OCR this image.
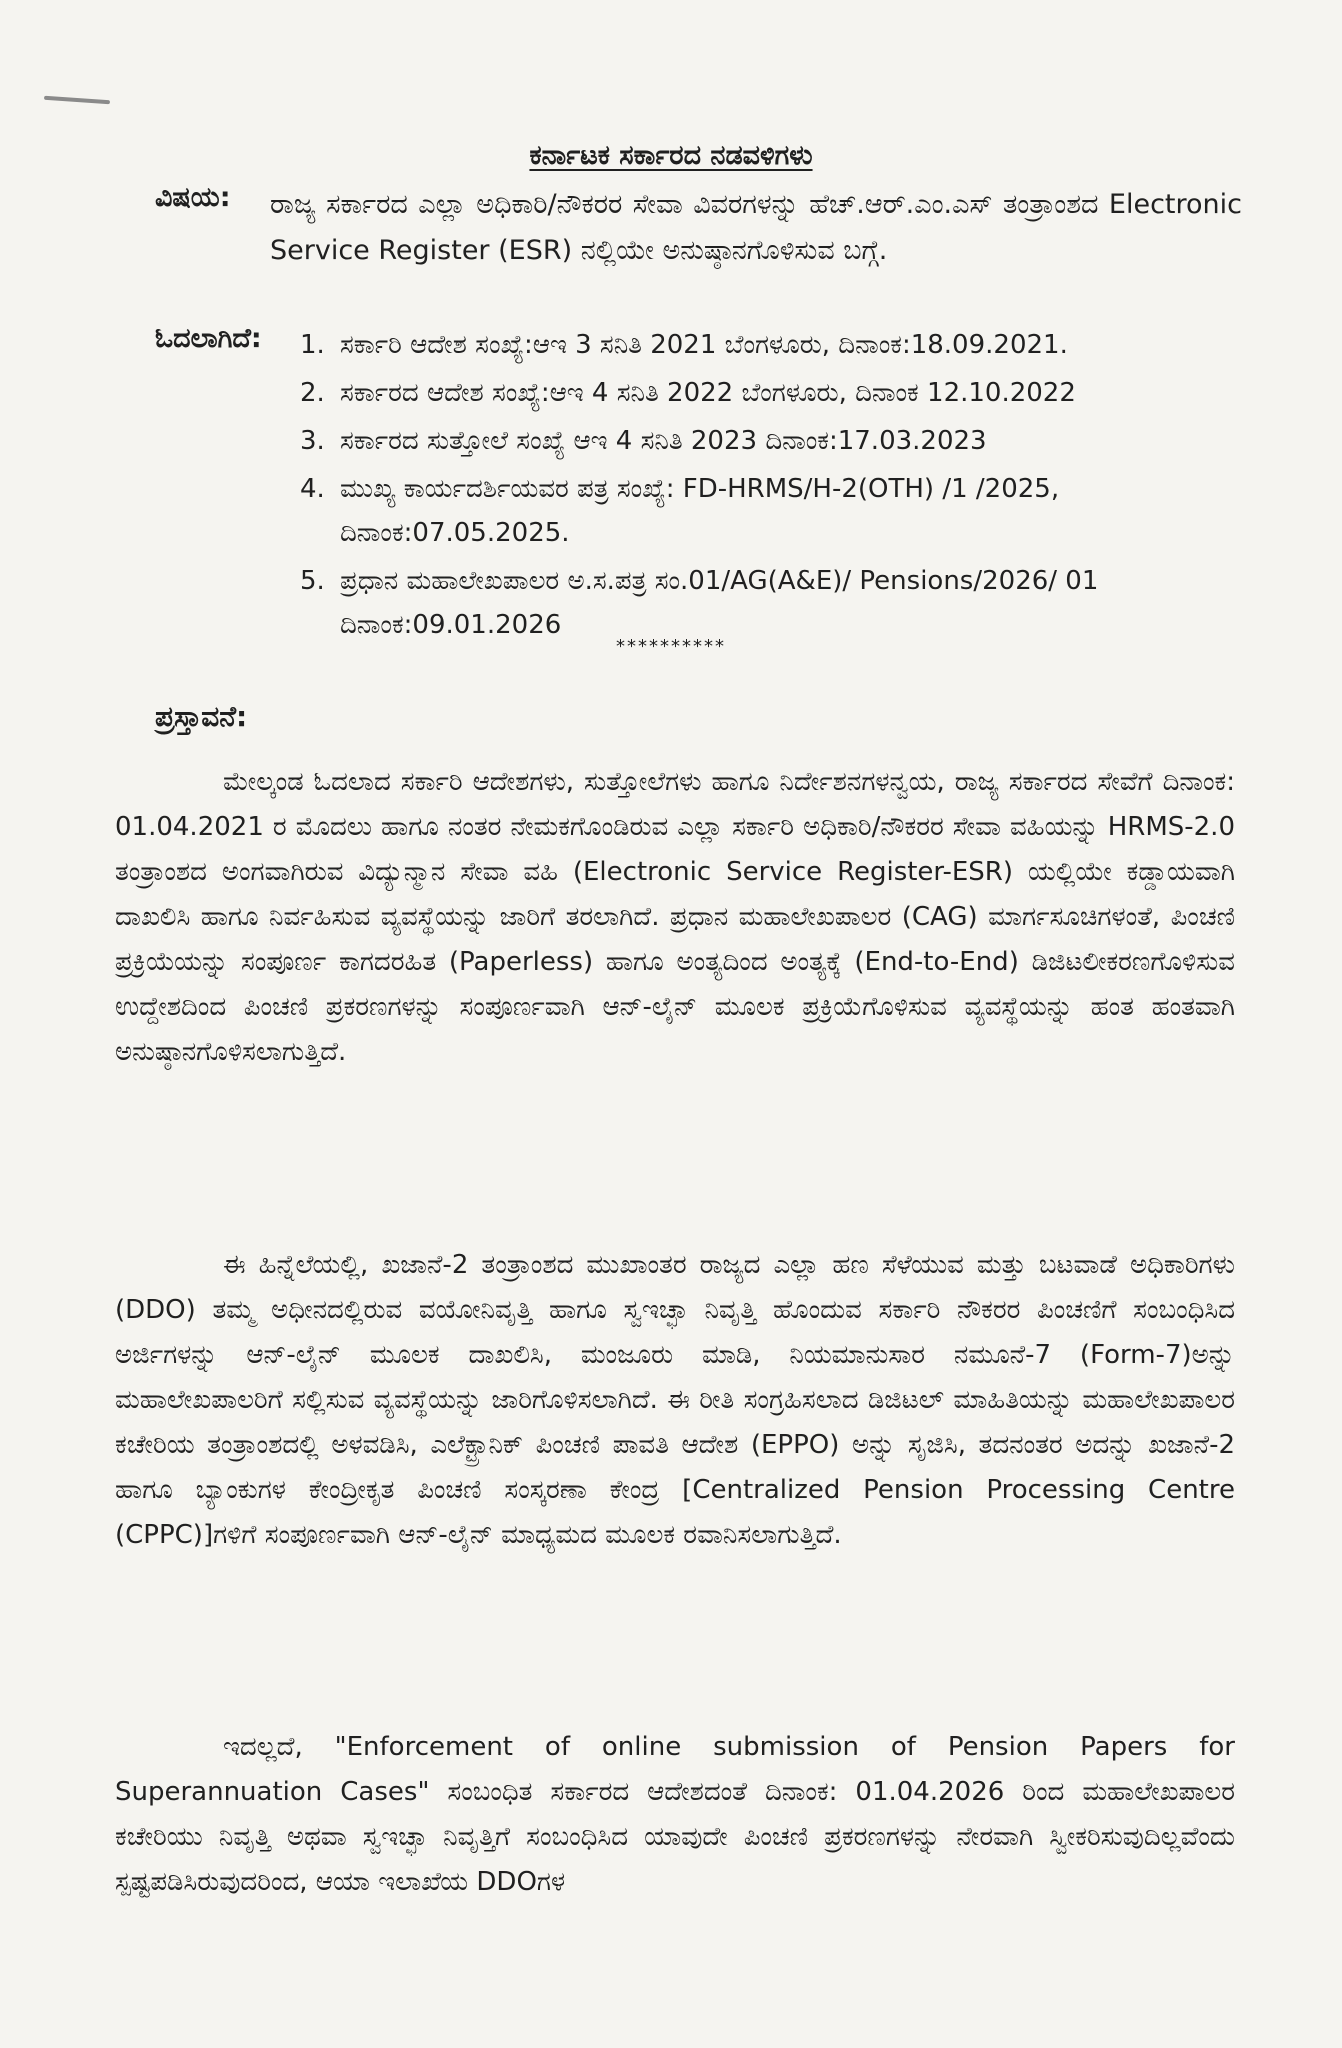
ಕರ್ನಾಟಕ ಸರ್ಕಾರದ ನಡವಳಿಗಳು
ವಿಷಯ: ರಾಜ್ಯ ಸರ್ಕಾರದ ಎಲ್ಲಾ ಅಧಿಕಾರಿ/ನೌಕರರ ಸೇವಾ ವಿವರಗಳನ್ನು ಹೆಚ್.ಆರ್.ಎಂ.ಎಸ್ ತಂತ್ರಾಂಶದ Electronic Service Register (ESR) ನಲ್ಲಿಯೇ ಅನುಷ್ಠಾನಗೊಳಿಸುವ ಬಗ್ಗೆ.
ಓದಲಾಗಿದೆ: 1. ಸರ್ಕಾರಿ ಆದೇಶ ಸಂಖ್ಯೆ:ಆಇ 3 ಸನಿತಿ 2021 ಬೆಂಗಳೂರು, ದಿನಾಂಕ:18.09.2021.
2. ಸರ್ಕಾರದ ಆದೇಶ ಸಂಖ್ಯೆ:ಆಇ 4 ಸನಿತಿ 2022 ಬೆಂಗಳೂರು, ದಿನಾಂಕ 12.10.2022
3. ಸರ್ಕಾರದ ಸುತ್ತೋಲೆ ಸಂಖ್ಯೆ ಆಇ 4 ಸನಿತಿ 2023 ದಿನಾಂಕ:17.03.2023
4. ಮುಖ್ಯ ಕಾರ್ಯದರ್ಶಿಯವರ ಪತ್ರ ಸಂಖ್ಯೆ: FD-HRMS/H-2(OTH) /1 /2025, ದಿನಾಂಕ:07.05.2025.
5. ಪ್ರಧಾನ ಮಹಾಲೇಖಪಾಲರ ಅ.ಸ.ಪತ್ರ ಸಂ.01/AG(A&E)/ Pensions/2026/ 01 ದಿನಾಂಕ:09.01.2026
**********
ಪ್ರಸ್ತಾವನೆ:

ಮೇಲ್ಕಂಡ ಓದಲಾದ ಸರ್ಕಾರಿ ಆದೇಶಗಳು, ಸುತ್ತೋಲೆಗಳು ಹಾಗೂ ನಿರ್ದೇಶನಗಳನ್ವಯ, ರಾಜ್ಯ ಸರ್ಕಾರದ ಸೇವೆಗೆ ದಿನಾಂಕ: 01.04.2021 ರ ಮೊದಲು ಹಾಗೂ ನಂತರ ನೇಮಕಗೊಂಡಿರುವ ಎಲ್ಲಾ ಸರ್ಕಾರಿ ಅಧಿಕಾರಿ/ನೌಕರರ ಸೇವಾ ವಹಿಯನ್ನು HRMS-2.0 ತಂತ್ರಾಂಶದ ಅಂಗವಾಗಿರುವ ವಿದ್ಯುನ್ಮಾನ ಸೇವಾ ವಹಿ (Electronic Service Register-ESR) ಯಲ್ಲಿಯೇ ಕಡ್ಡಾಯವಾಗಿ ದಾಖಲಿಸಿ ಹಾಗೂ ನಿರ್ವಹಿಸುವ ವ್ಯವಸ್ಥೆಯನ್ನು ಜಾರಿಗೆ ತರಲಾಗಿದೆ. ಪ್ರಧಾನ ಮಹಾಲೇಖಪಾಲರ (CAG) ಮಾರ್ಗಸೂಚಿಗಳಂತೆ, ಪಿಂಚಣಿ ಪ್ರಕ್ರಿಯೆಯನ್ನು ಸಂಪೂರ್ಣ ಕಾಗದರಹಿತ (Paperless) ಹಾಗೂ ಅಂತ್ಯದಿಂದ ಅಂತ್ಯಕ್ಕೆ (End-to-End) ಡಿಜಿಟಲೀಕರಣಗೊಳಿಸುವ ಉದ್ದೇಶದಿಂದ ಪಿಂಚಣಿ ಪ್ರಕರಣಗಳನ್ನು ಸಂಪೂರ್ಣವಾಗಿ ಆನ್-ಲೈನ್ ಮೂಲಕ ಪ್ರಕ್ರಿಯೆಗೊಳಿಸುವ ವ್ಯವಸ್ಥೆಯನ್ನು ಹಂತ ಹಂತವಾಗಿ ಅನುಷ್ಠಾನಗೊಳಿಸಲಾಗುತ್ತಿದೆ.

ಈ ಹಿನ್ನೆಲೆಯಲ್ಲಿ, ಖಜಾನೆ-2 ತಂತ್ರಾಂಶದ ಮುಖಾಂತರ ರಾಜ್ಯದ ಎಲ್ಲಾ ಹಣ ಸೆಳೆಯುವ ಮತ್ತು ಬಟವಾಡೆ ಅಧಿಕಾರಿಗಳು (DDO) ತಮ್ಮ ಅಧೀನದಲ್ಲಿರುವ ವಯೋನಿವೃತ್ತಿ ಹಾಗೂ ಸ್ವಇಚ್ಛಾ ನಿವೃತ್ತಿ ಹೊಂದುವ ಸರ್ಕಾರಿ ನೌಕರರ ಪಿಂಚಣಿಗೆ ಸಂಬಂಧಿಸಿದ ಅರ್ಜಿಗಳನ್ನು ಆನ್-ಲೈನ್ ಮೂಲಕ ದಾಖಲಿಸಿ, ಮಂಜೂರು ಮಾಡಿ, ನಿಯಮಾನುಸಾರ ನಮೂನೆ-7 (Form-7)ಅನ್ನು ಮಹಾಲೇಖಪಾಲರಿಗೆ ಸಲ್ಲಿಸುವ ವ್ಯವಸ್ಥೆಯನ್ನು ಜಾರಿಗೊಳಿಸಲಾಗಿದೆ. ಈ ರೀತಿ ಸಂಗ್ರಹಿಸಲಾದ ಡಿಜಿಟಲ್ ಮಾಹಿತಿಯನ್ನು ಮಹಾಲೇಖಪಾಲರ ಕಚೇರಿಯ ತಂತ್ರಾಂಶದಲ್ಲಿ ಅಳವಡಿಸಿ, ಎಲೆಕ್ಟ್ರಾನಿಕ್ ಪಿಂಚಣಿ ಪಾವತಿ ಆದೇಶ (EPPO) ಅನ್ನು ಸೃಜಿಸಿ, ತದನಂತರ ಅದನ್ನು ಖಜಾನೆ-2 ಹಾಗೂ ಬ್ಯಾಂಕುಗಳ ಕೇಂದ್ರೀಕೃತ ಪಿಂಚಣಿ ಸಂಸ್ಕರಣಾ ಕೇಂದ್ರ [Centralized Pension Processing Centre (CPPC)]ಗಳಿಗೆ ಸಂಪೂರ್ಣವಾಗಿ ಆನ್-ಲೈನ್ ಮಾಧ್ಯಮದ ಮೂಲಕ ರವಾನಿಸಲಾಗುತ್ತಿದೆ.

ಇದಲ್ಲದೆ, "Enforcement of online submission of Pension Papers for Superannuation Cases" ಸಂಬಂಧಿತ ಸರ್ಕಾರದ ಆದೇಶದಂತೆ ದಿನಾಂಕ: 01.04.2026 ರಿಂದ ಮಹಾಲೇಖಪಾಲರ ಕಚೇರಿಯು ನಿವೃತ್ತಿ ಅಥವಾ ಸ್ವಇಚ್ಛಾ ನಿವೃತ್ತಿಗೆ ಸಂಬಂಧಿಸಿದ ಯಾವುದೇ ಪಿಂಚಣಿ ಪ್ರಕರಣಗಳನ್ನು ನೇರವಾಗಿ ಸ್ವೀಕರಿಸುವುದಿಲ್ಲವೆಂದು ಸ್ಪಷ್ಟಪಡಿಸಿರುವುದರಿಂದ, ಆಯಾ ಇಲಾಖೆಯ DDOಗಳ
